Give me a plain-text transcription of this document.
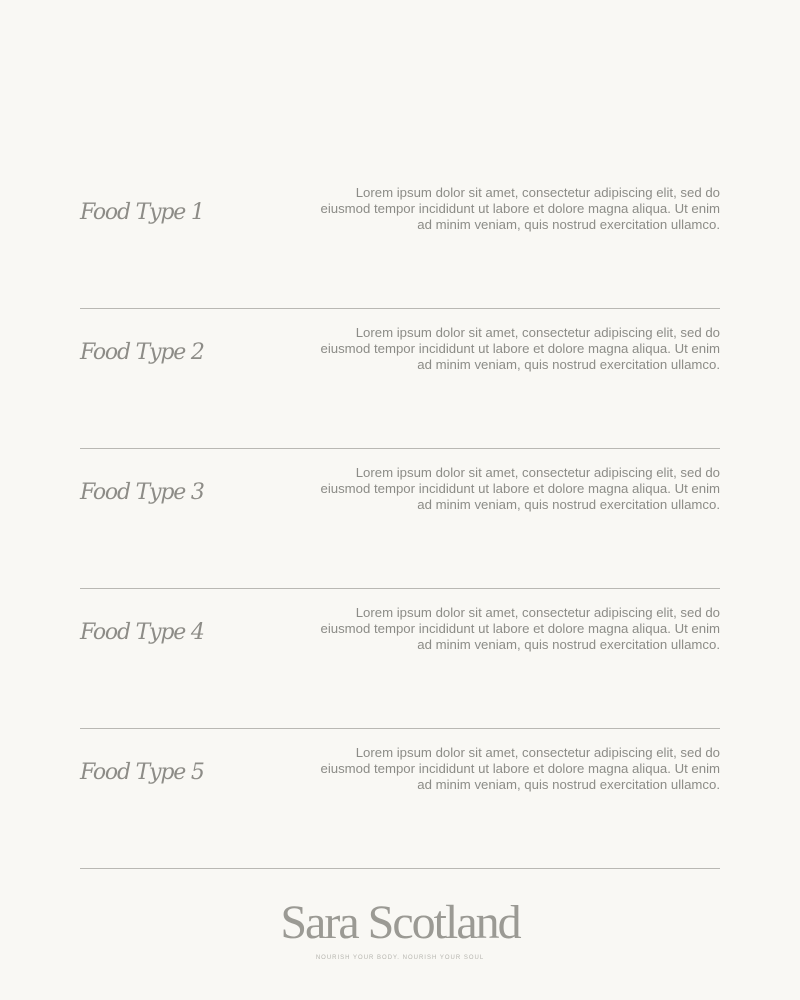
Food Type 1
Lorem ipsum dolor sit amet, consectetur adipiscing elit, sed do eiusmod tempor incididunt ut labore et dolore magna aliqua. Ut enim ad minim veniam, quis nostrud exercitation ullamco.
Food Type 2
Lorem ipsum dolor sit amet, consectetur adipiscing elit, sed do eiusmod tempor incididunt ut labore et dolore magna aliqua. Ut enim ad minim veniam, quis nostrud exercitation ullamco.
Food Type 3
Lorem ipsum dolor sit amet, consectetur adipiscing elit, sed do eiusmod tempor incididunt ut labore et dolore magna aliqua. Ut enim ad minim veniam, quis nostrud exercitation ullamco.
Food Type 4
Lorem ipsum dolor sit amet, consectetur adipiscing elit, sed do eiusmod tempor incididunt ut labore et dolore magna aliqua. Ut enim ad minim veniam, quis nostrud exercitation ullamco.
Food Type 5
Lorem ipsum dolor sit amet, consectetur adipiscing elit, sed do eiusmod tempor incididunt ut labore et dolore magna aliqua. Ut enim ad minim veniam, quis nostrud exercitation ullamco.
Sara Scotland
NOURISH YOUR BODY. NOURISH YOUR SOUL
